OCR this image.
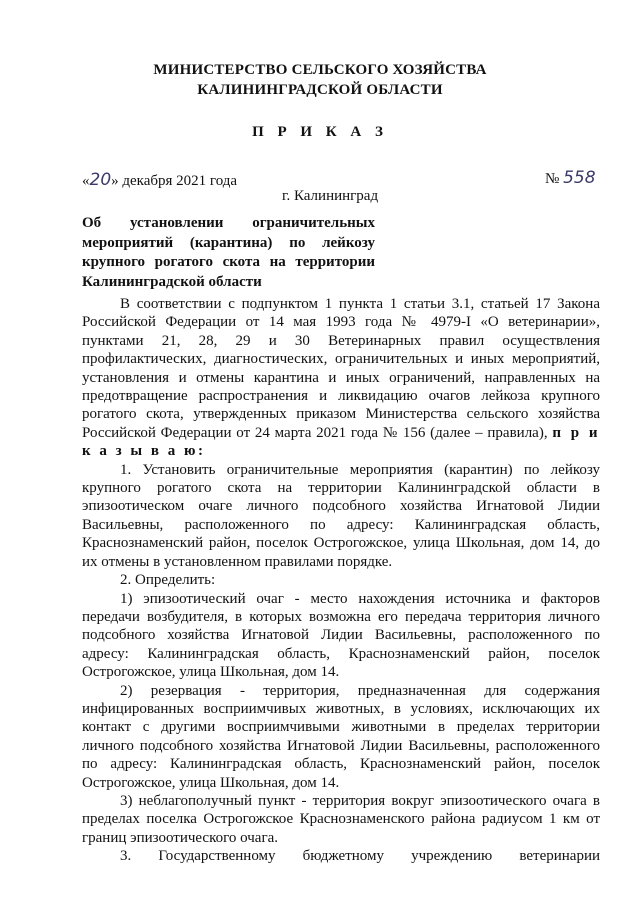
МИНИСТЕРСТВО СЕЛЬСКОГО ХОЗЯЙСТВА
КАЛИНИНГРАДСКОЙ ОБЛАСТИ
П Р И К А З
«20» декабря 2021 года	№ 558
г. Калининград
Об установлении ограничительных мероприятий (карантина) по лейкозу крупного рогатого скота на территории Калининградской области

В соответствии с подпунктом 1 пункта 1 статьи 3.1, статьей 17 Закона Российской Федерации от 14 мая 1993 года № 4979-I «О ветеринарии», пунктами 21, 28, 29 и 30 Ветеринарных правил осуществления профилактических, диагностических, ограничительных и иных мероприятий, установления и отмены карантина и иных ограничений, направленных на предотвращение распространения и ликвидацию очагов лейкоза крупного рогатого скота, утвержденных приказом Министерства сельского хозяйства Российской Федерации от 24 марта 2021 года № 156 (далее – правила), п р и к а з ы в а ю:

1. Установить ограничительные мероприятия (карантин) по лейкозу крупного рогатого скота на территории Калининградской области в эпизоотическом очаге личного подсобного хозяйства Игнатовой Лидии Васильевны, расположенного по адресу: Калининградская область, Краснознаменский район, поселок Острогожское, улица Школьная, дом 14, до их отмены в установленном правилами порядке.

2. Определить:

1) эпизоотический очаг - место нахождения источника и факторов передачи возбудителя, в которых возможна его передача территория личного подсобного хозяйства Игнатовой Лидии Васильевны, расположенного по адресу: Калининградская область, Краснознаменский район, поселок Острогожское, улица Школьная, дом 14.

2) резервация - территория, предназначенная для содержания инфицированных восприимчивых животных, в условиях, исключающих их контакт с другими восприимчивыми животными в пределах территории личного подсобного хозяйства Игнатовой Лидии Васильевны, расположенного по адресу: Калининградская область, Краснознаменский район, поселок Острогожское, улица Школьная, дом 14.

3) неблагополучный пункт - территория вокруг эпизоотического очага в пределах поселка Острогожское Краснознаменского района радиусом 1 км от границ эпизоотического очага.

3. Государственному бюджетному учреждению ветеринарии
